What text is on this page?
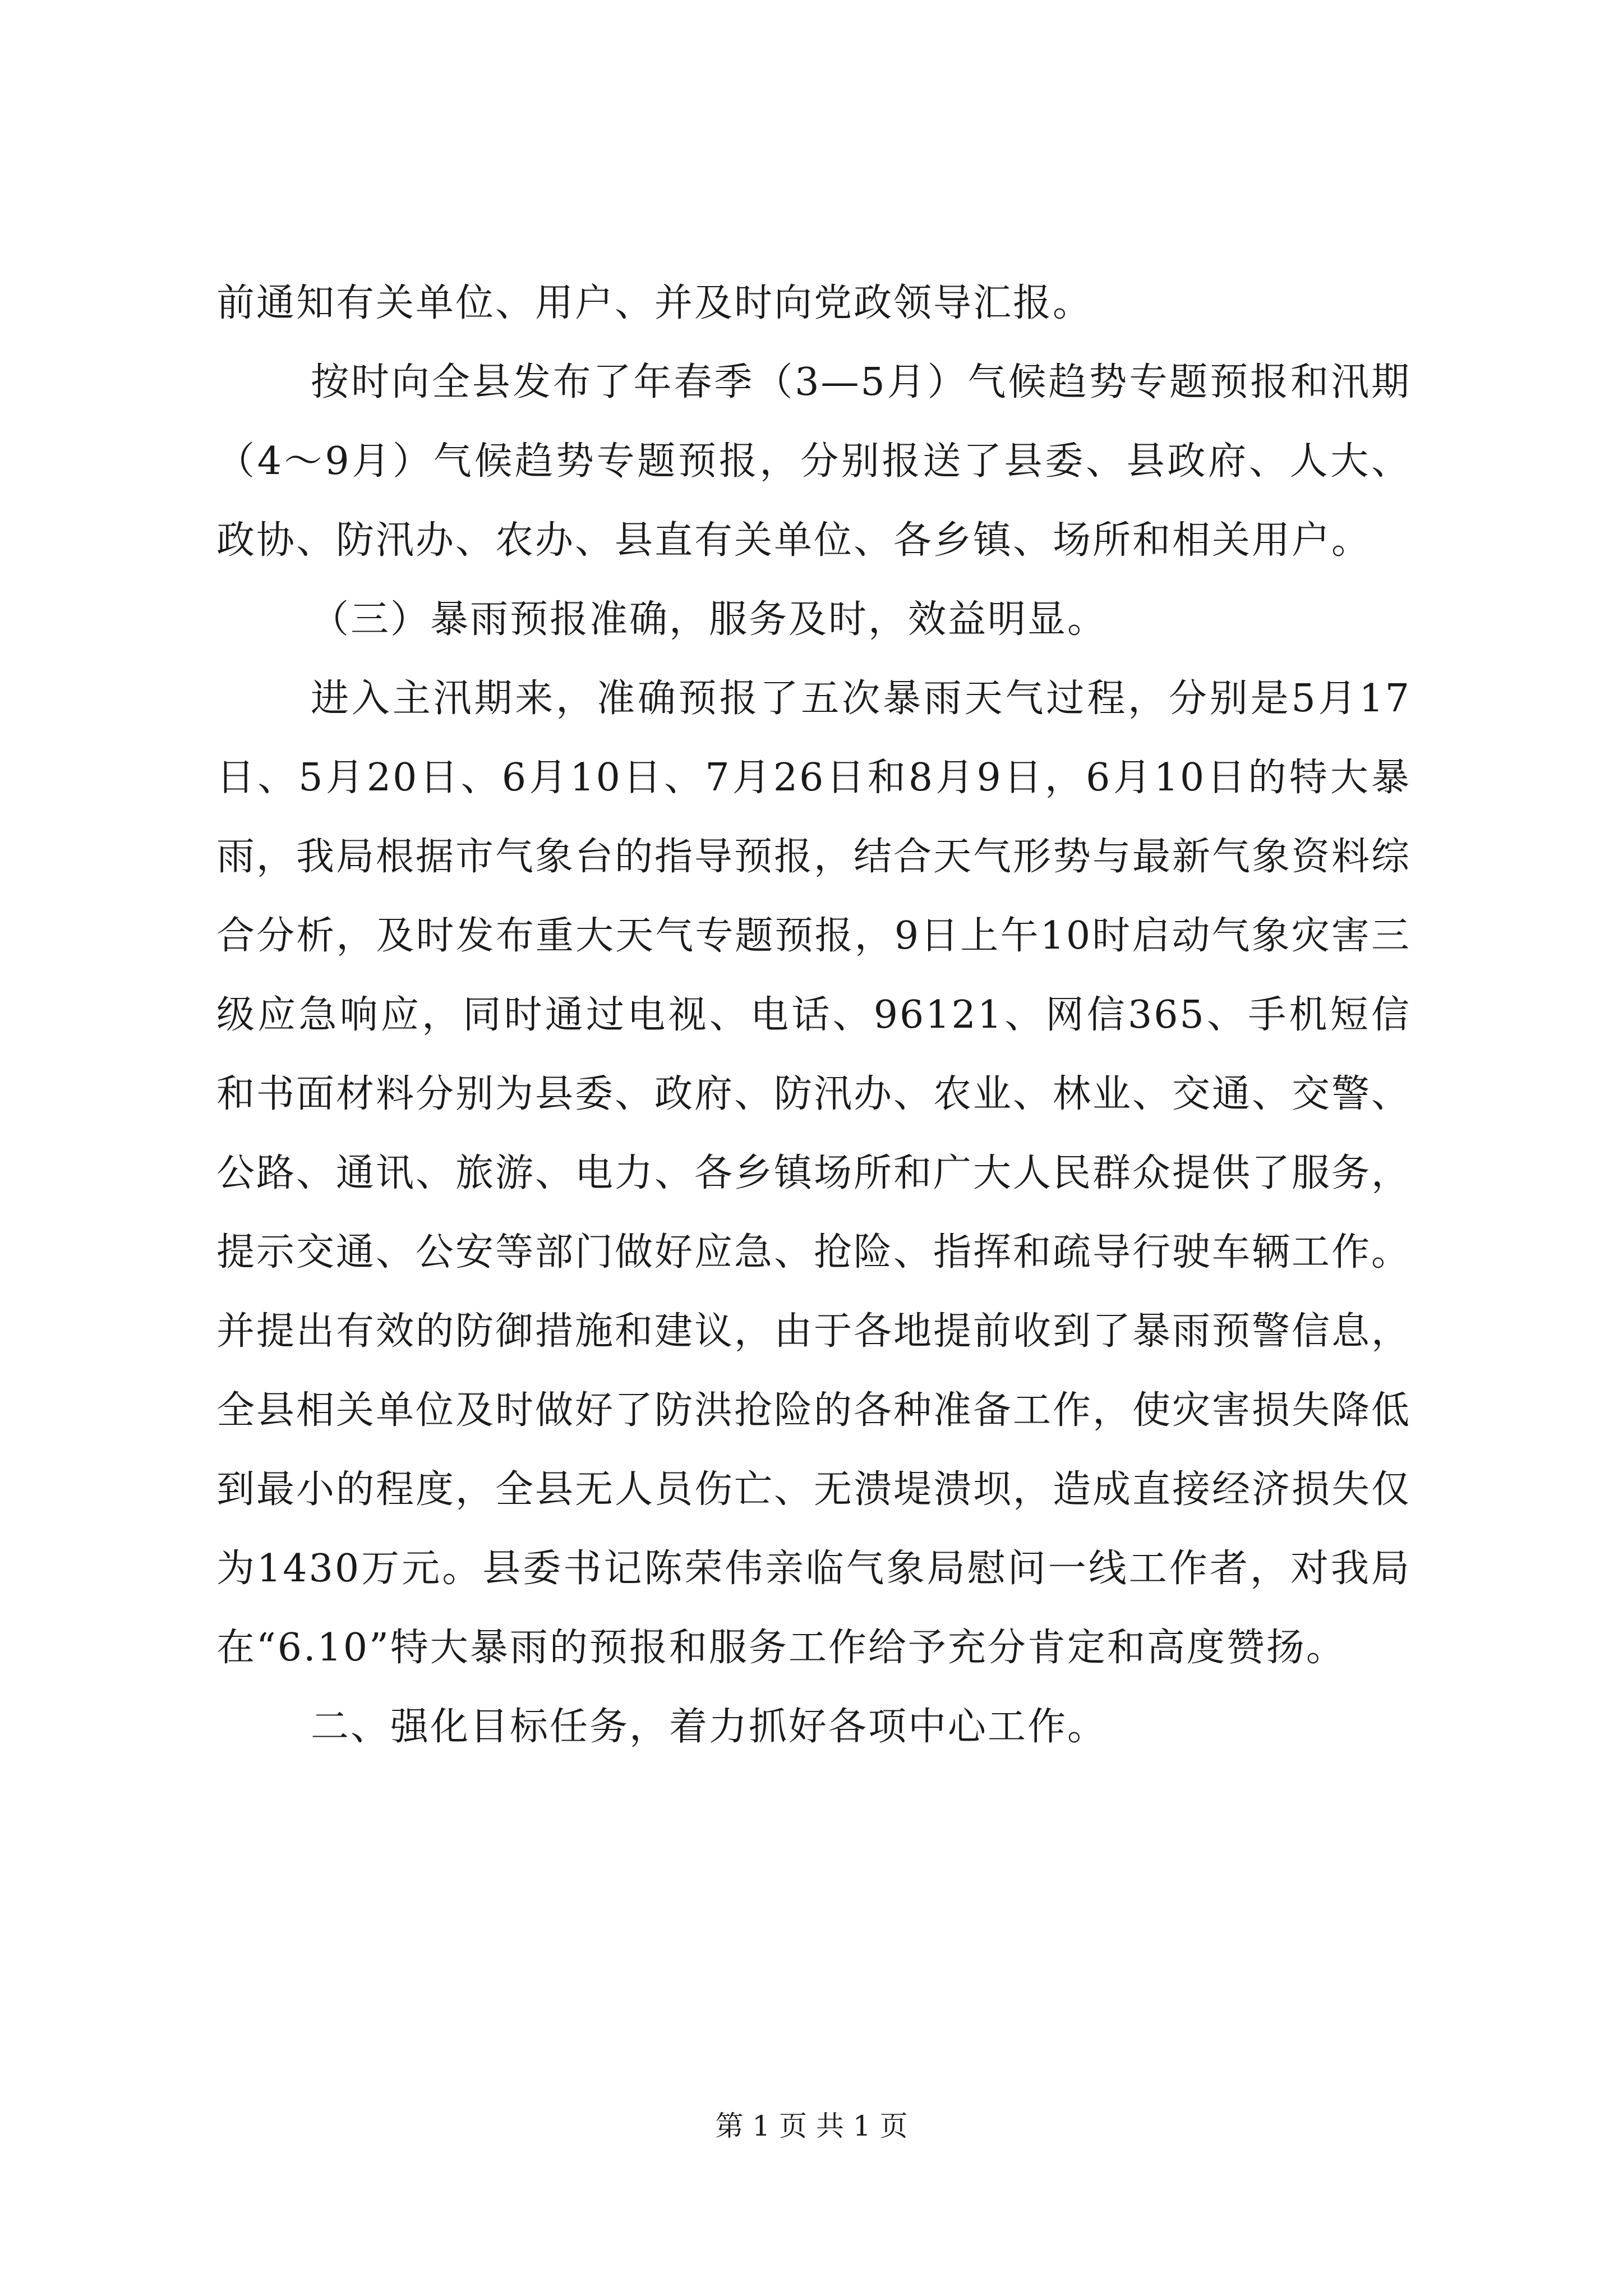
前通知有关单位、用户、并及时向党政领导汇报。

按时向全县发布了年春季（3—5月）气候趋势专题预报和汛期（4～9月）气候趋势专题预报，分别报送了县委、县政府、人大、政协、防汛办、农办、县直有关单位、各乡镇、场所和相关用户。

（三）暴雨预报准确，服务及时，效益明显。

进入主汛期来，准确预报了五次暴雨天气过程，分别是5月17日、5月20日、6月10日、7月26日和8月9日，6月10日的特大暴雨，我局根据市气象台的指导预报，结合天气形势与最新气象资料综合分析，及时发布重大天气专题预报，9日上午10时启动气象灾害三级应急响应，同时通过电视、电话、96121、网信365、手机短信和书面材料分别为县委、政府、防汛办、农业、林业、交通、交警、公路、通讯、旅游、电力、各乡镇场所和广大人民群众提供了服务，提示交通、公安等部门做好应急、抢险、指挥和疏导行驶车辆工作。并提出有效的防御措施和建议，由于各地提前收到了暴雨预警信息，全县相关单位及时做好了防洪抢险的各种准备工作，使灾害损失降低到最小的程度，全县无人员伤亡、无溃堤溃坝，造成直接经济损失仅为1430万元。县委书记陈荣伟亲临气象局慰问一线工作者，对我局在“6.10”特大暴雨的预报和服务工作给予充分肯定和高度赞扬。

二、强化目标任务，着力抓好各项中心工作。

第 1 页 共 1 页
